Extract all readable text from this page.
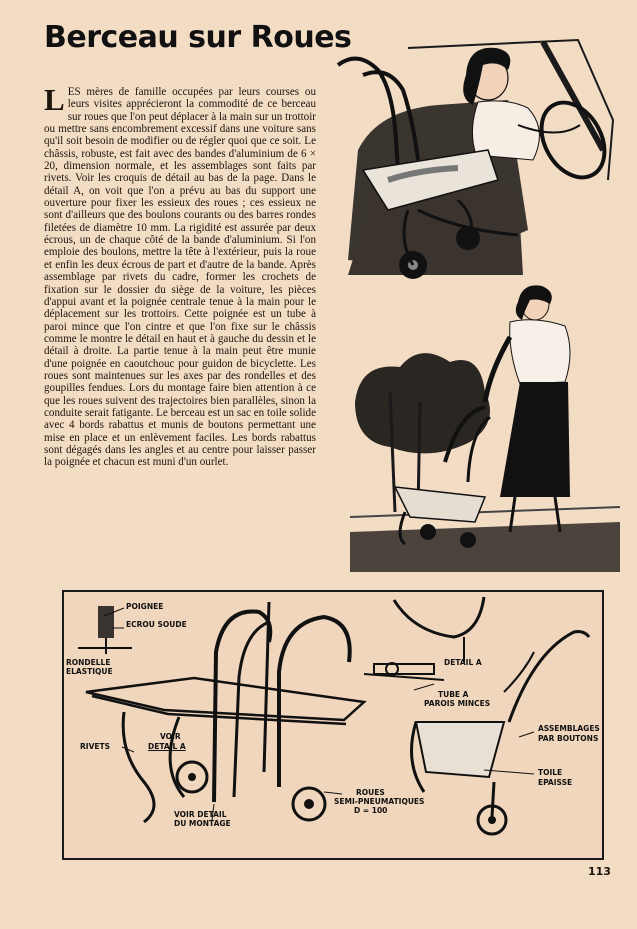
Berceau sur Roues
LES mères de famille occupées par leurs courses ou leurs visites apprécieront la commodité de ce berceau sur roues que l'on peut déplacer à la main sur un trottoir ou mettre sans encombrement excessif dans une voiture sans qu'il soit besoin de modifier ou de régler quoi que ce soit. Le châssis, robuste, est fait avec des bandes d'aluminium de 6 × 20, dimension normale, et les assemblages sont faits par rivets. Voir les croquis de détail au bas de la page. Dans le détail A, on voit que l'on a prévu au bas du support une ouverture pour fixer les essieux des roues ; ces essieux ne sont d'ailleurs que des boulons courants ou des barres rondes filetées de diamètre 10 mm. La rigidité est assurée par deux écrous, un de chaque côté de la bande d'aluminium. Si l'on emploie des boulons, mettre la tête à l'extérieur, puis la roue et enfin les deux écrous de part et d'autre de la bande. Après assemblage par rivets du cadre, former les crochets de fixation sur le dossier du siège de la voiture, les pièces d'appui avant et la poignée centrale tenue à la main pour le déplacement sur les trottoirs. Cette poignée est un tube à paroi mince que l'on cintre et que l'on fixe sur le châssis comme le montre le détail en haut et à gauche du dessin et le détail à droite. La partie tenue à la main peut être munie d'une poignée en caoutchouc pour guidon de bicyclette. Les roues sont maintenues sur les axes par des rondelles et des goupilles fendues. Lors du montage faire bien attention à ce que les roues suivent des trajectoires bien parallèles, sinon la conduite serait fatigante. Le berceau est un sac en toile solide avec 4 bords rabattus et munis de boutons permettant une mise en place et un enlèvement faciles. Les bords rabattus sont dégagés dans les angles et au centre pour laisser passer la poignée et chacun est muni d'un ourlet.
POIGNEE
ECROU SOUDE
RONDELLE
ELASTIQUE
DETAIL A
TUBE A
PAROIS MINCES
VOIR
DETAIL A
RIVETS
ASSEMBLAGES
PAR BOUTONS
TOILE
EPAISSE
ROUES
SEMI-PNEUMATIQUES
D = 100
VOIR DETAIL
DU MONTAGE
113
